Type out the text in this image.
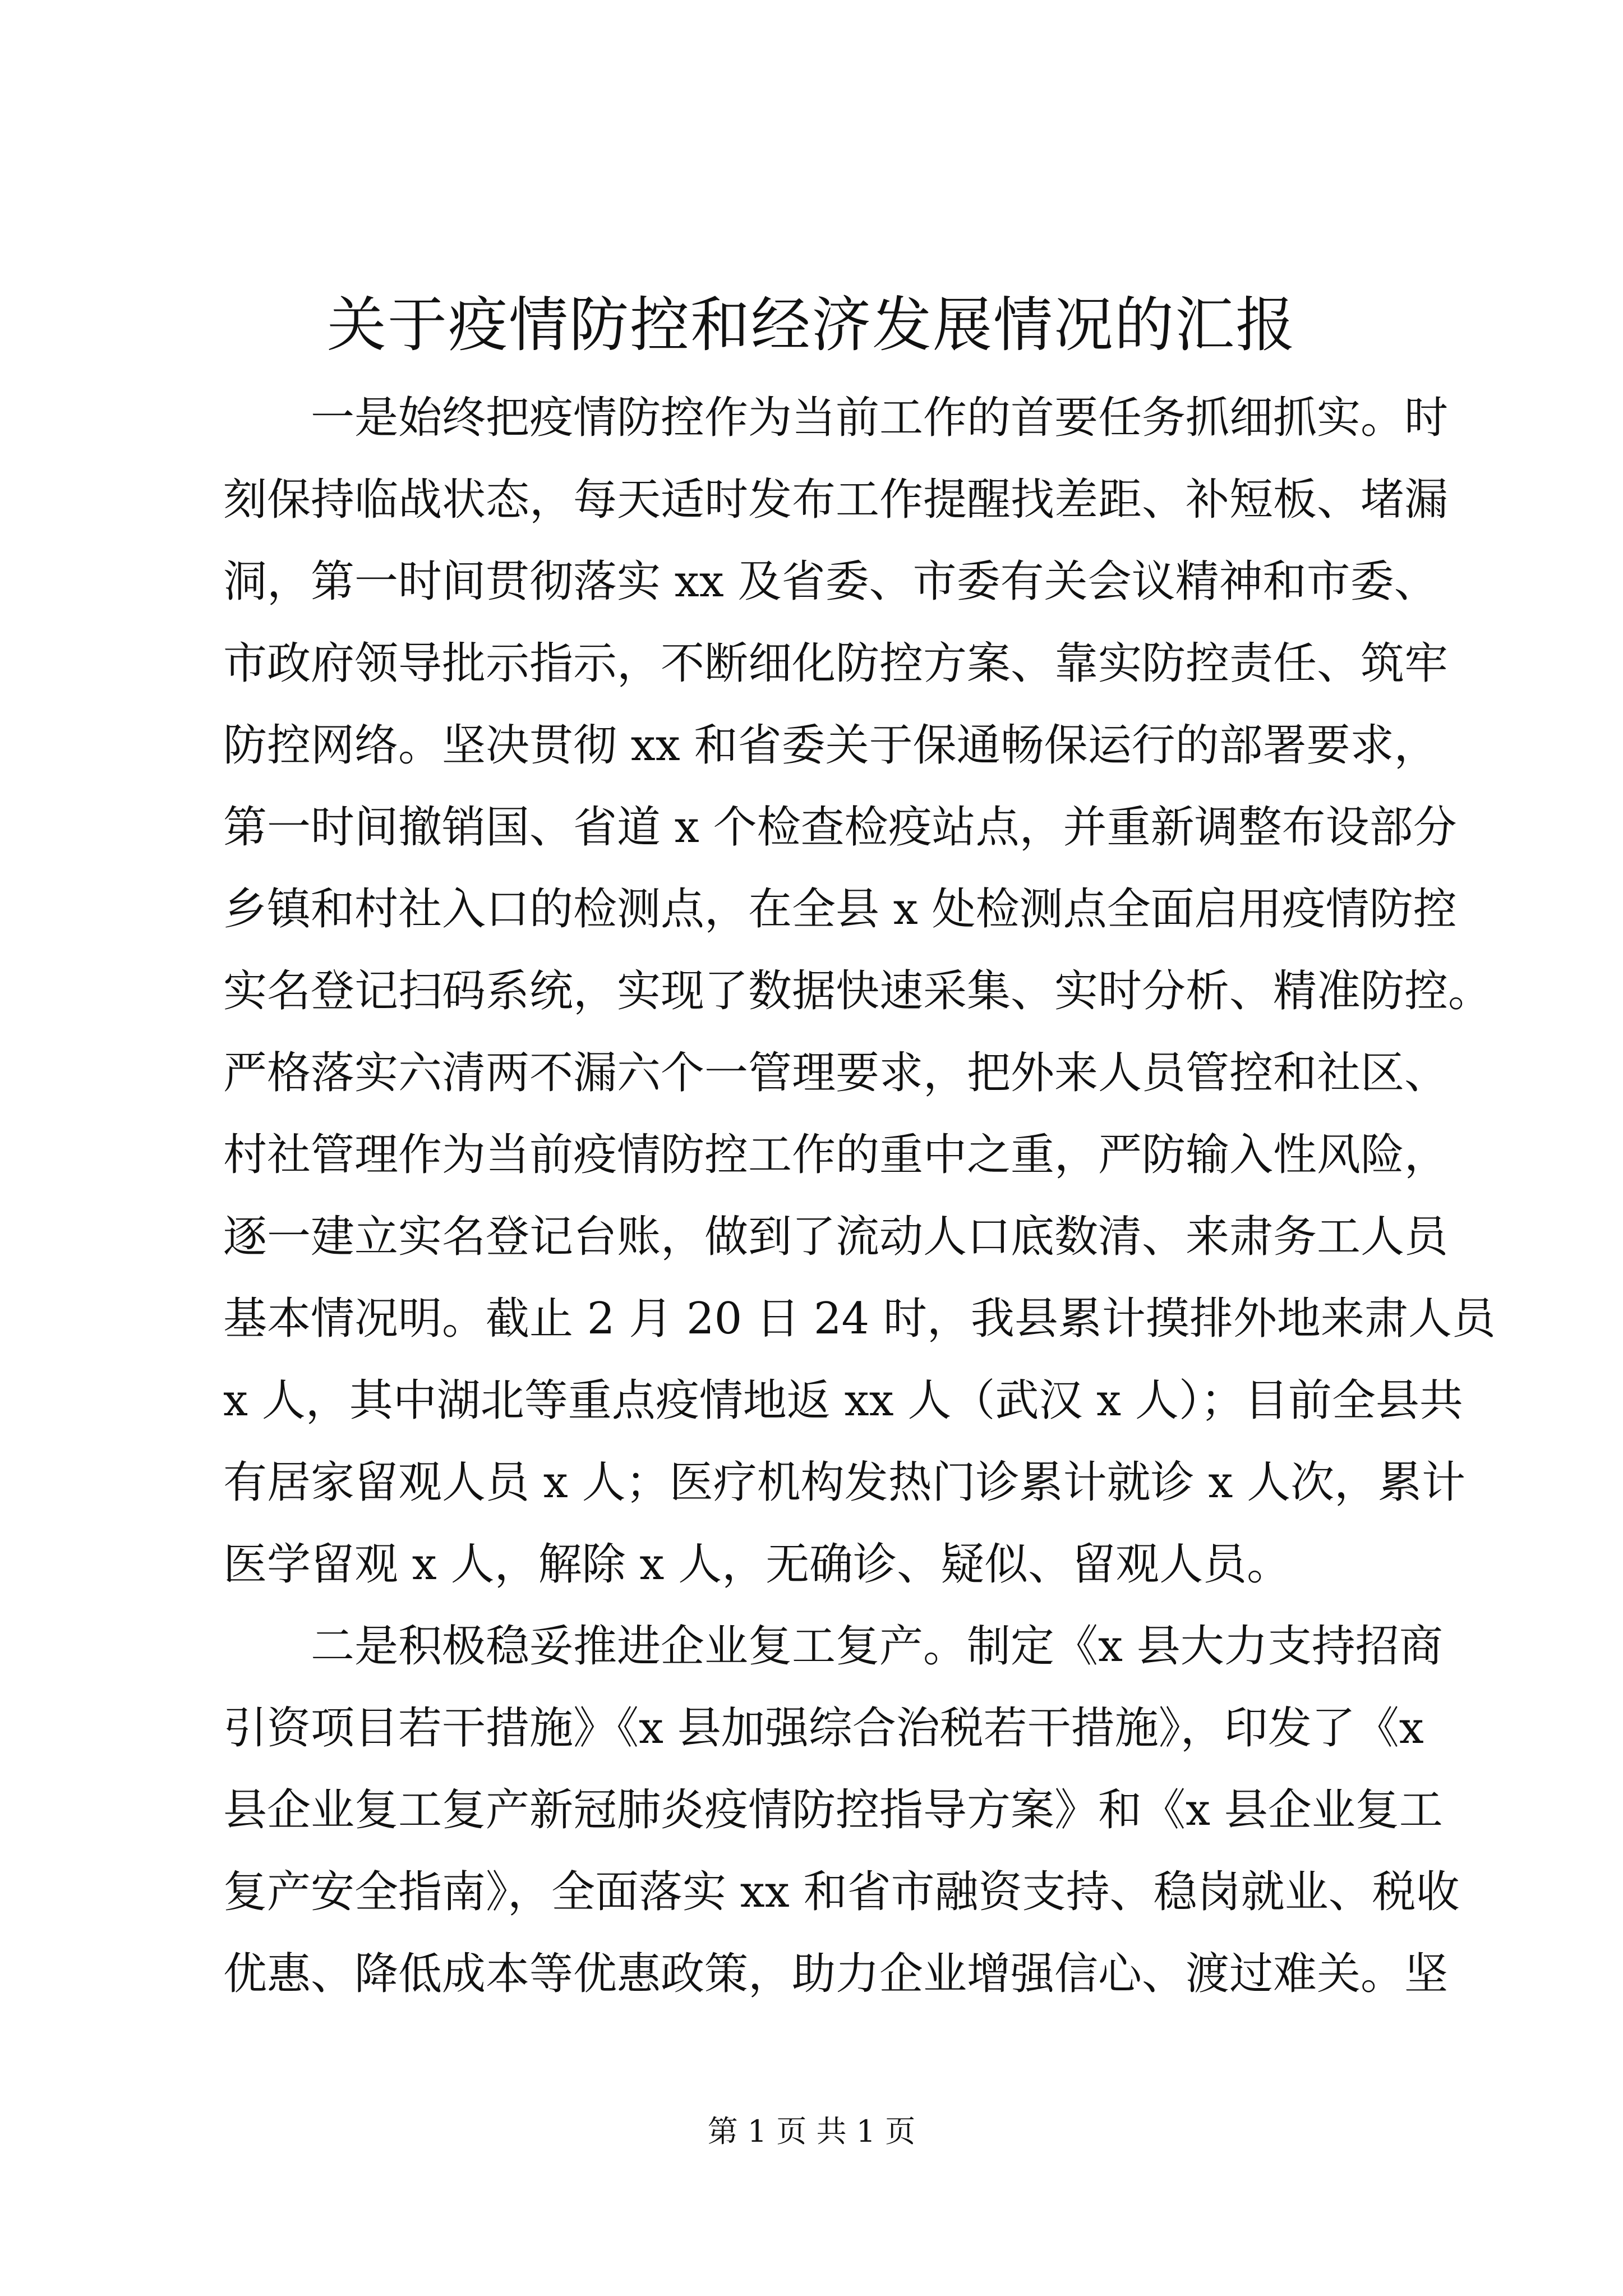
关于疫情防控和经济发展情况的汇报
一是始终把疫情防控作为当前工作的首要任务抓细抓实。时
刻保持临战状态，每天适时发布工作提醒找差距、补短板、堵漏
洞，第一时间贯彻落实 xx 及省委、市委有关会议精神和市委、
市政府领导批示指示，不断细化防控方案、靠实防控责任、筑牢
防控网络。坚决贯彻 xx 和省委关于保通畅保运行的部署要求，
第一时间撤销国、省道 x 个检查检疫站点，并重新调整布设部分
乡镇和村社入口的检测点，在全县 x 处检测点全面启用疫情防控
实名登记扫码系统，实现了数据快速采集、实时分析、精准防控。
严格落实六清两不漏六个一管理要求，把外来人员管控和社区、
村社管理作为当前疫情防控工作的重中之重，严防输入性风险，
逐一建立实名登记台账，做到了流动人口底数清、来肃务工人员
基本情况明。截止 2 月 20 日 24 时，我县累计摸排外地来肃人员
x 人，其中湖北等重点疫情地返 xx 人（武汉 x 人）；目前全县共
有居家留观人员 x 人；医疗机构发热门诊累计就诊 x 人次，累计
医学留观 x 人，解除 x 人，无确诊、疑似、留观人员。
二是积极稳妥推进企业复工复产。制定《x 县大力支持招商
引资项目若干措施》《x 县加强综合治税若干措施》，印发了《x
县企业复工复产新冠肺炎疫情防控指导方案》和《x 县企业复工
复产安全指南》，全面落实 xx 和省市融资支持、稳岗就业、税收
优惠、降低成本等优惠政策，助力企业增强信心、渡过难关。坚
第 1 页 共 1 页
